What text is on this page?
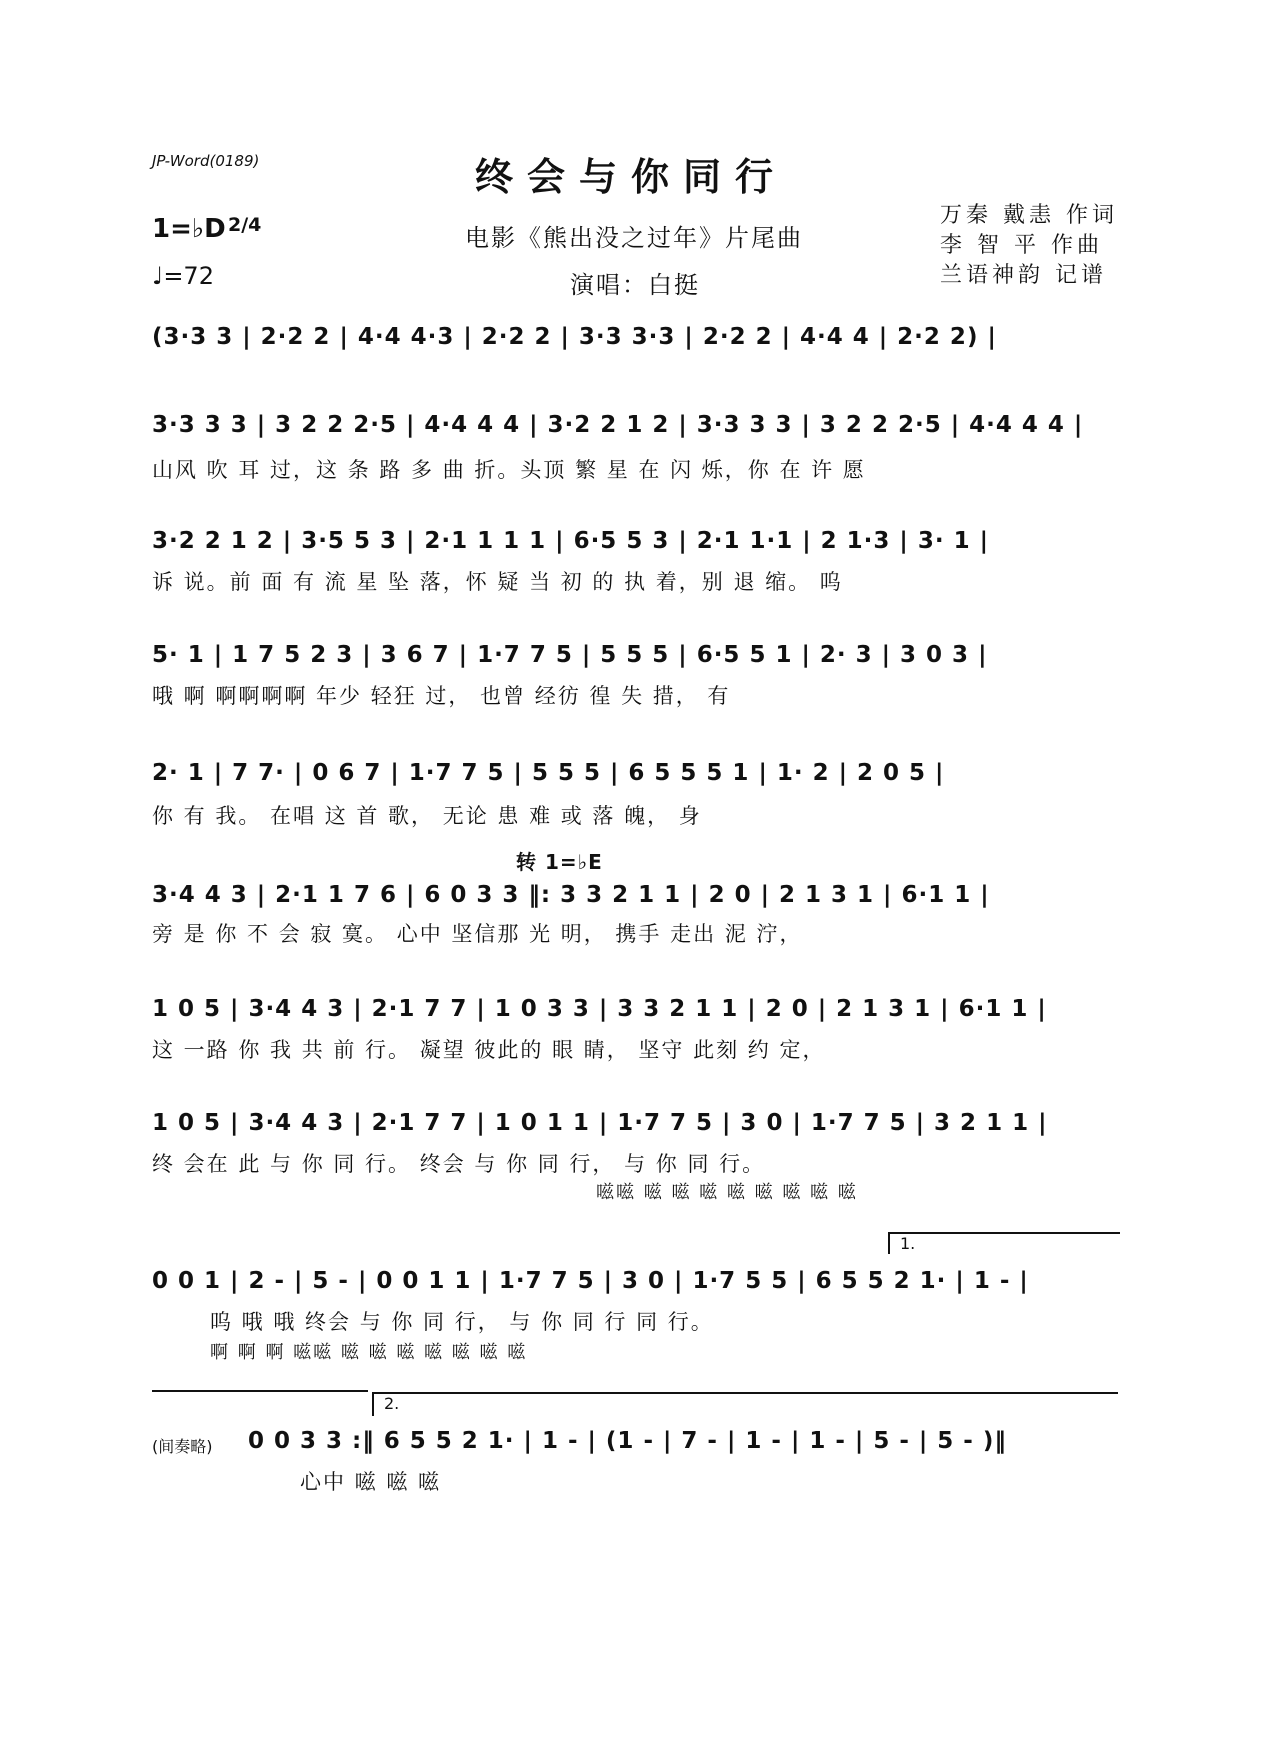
JP-Word(0189)	终会与你同行
电影《熊出没之过年》片尾曲
演唱：白挺
1=♭D 2/4
♩=72
万秦 戴恚 作词
李 智 平 作曲
兰语神韵 记谱
(3·3 3 | 2·2 2 | 4·4 4·3 | 2·2 2 | 3·3 3·3 | 2·2 2 | 4·4 4 | 2·2 2) |
3·3 3 3 | 3 2 2 2·5 | 4·4 4 4 | 3·2 2 1 2 | 3·3 3 3 | 3 2 2 2·5 | 4·4 4 4 |
山风 吹 耳 过，这 条 路 多 曲 折。头顶 繁 星 在 闪 烁，你 在 许 愿
3·2 2 1 2 | 3·5 5 3 | 2·1 1 1 1 | 6·5 5 3 | 2·1 1·1 | 2 1·3 | 3· 1 |
诉 说。前 面 有 流 星 坠 落，怀 疑 当 初 的 执 着，别 退 缩。 呜
5· 1 | 1 7 5 2 3 | 3 6 7 | 1·7 7 5 | 5 5 5 | 6·5 5 1 | 2· 3 | 3 0 3 |
哦 啊 啊啊啊啊 年少 轻狂 过， 也曾 经彷 徨 失 措， 有
2· 1 | 7 7· | 0 6 7 | 1·7 7 5 | 5 5 5 | 6 5 5 5 1 | 1· 2 | 2 0 5 |
你 有 我。 在唱 这 首 歌， 无论 患 难 或 落 魄， 身
转 1=♭E
3·4 4 3 | 2·1 1 7 6 | 6 0 3 3 ‖: 3 3 2 1 1 | 2 0 | 2 1 3 1 | 6·1 1 |
旁 是 你 不 会 寂 寞。 心中 坚信那 光 明， 携手 走出 泥 泞，
1 0 5 | 3·4 4 3 | 2·1 7 7 | 1 0 3 3 | 3 3 2 1 1 | 2 0 | 2 1 3 1 | 6·1 1 |
这 一路 你 我 共 前 行。 凝望 彼此的 眼 睛， 坚守 此刻 约 定，
1 0 5 | 3·4 4 3 | 2·1 7 7 | 1 0 1 1 | 1·7 7 5 | 3 0 | 1·7 7 5 | 3 2 1 1 |
终 会在 此 与 你 同 行。 终会 与 你 同 行， 与 你 同 行。
嗞嗞 嗞 嗞 嗞 嗞 嗞 嗞 嗞 嗞
1.
0 0 1 | 2 - | 5 - | 0 0 1 1 | 1·7 7 5 | 3 0 | 1·7 5 5 | 6 5 5 2 1· | 1 - |
呜 哦 哦 终会 与 你 同 行， 与 你 同 行 同 行。
啊 啊 啊 嗞嗞 嗞 嗞 嗞 嗞 嗞 嗞 嗞
2.
(间奏略) 0 0 3 3 :‖ 6 5 5 2 1· | 1 - | (1 - | 7 - | 1 - | 1 - | 5 - | 5 - )‖
心中 嗞 嗞 嗞
